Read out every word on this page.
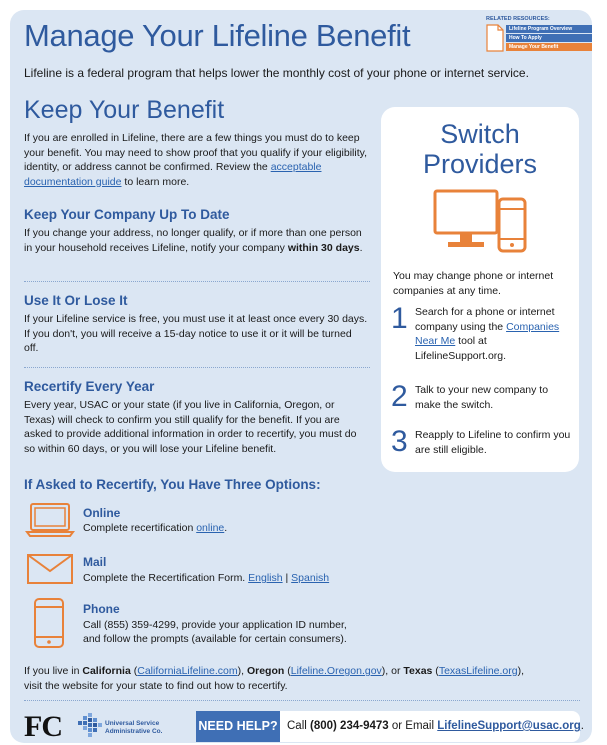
Manage Your Lifeline Benefit	RELATED RESOURCES:
Lifeline Program Overview
How To Apply
Manage Your Benefit
Lifeline is a federal program that helps lower the monthly cost of your phone or internet service.
Keep Your Benefit
If you are enrolled in Lifeline, there are a few things you must do to keep your benefit. You may need to show proof that you qualify if your eligibility, identity, or address cannot be confirmed. Review the acceptable documentation guide to learn more.
Keep Your Company Up To Date
If you change your address, no longer qualify, or if more than one person in your household receives Lifeline, notify your company within 30 days.
Use It Or Lose It
If your Lifeline service is free, you must use it at least once every 30 days. If you don't, you will receive a 15-day notice to use it or it will be turned off.
Recertify Every Year
Every year, USAC or your state (if you live in California, Oregon, or Texas) will check to confirm you still qualify for the benefit. If you are asked to provide additional information in order to recertify, you must do so within 60 days, or you will lose your Lifeline benefit.
Switch
Providers
You may change phone or internet companies at any time.
1 Search for a phone or internet company using the Companies Near Me tool at LifelineSupport.org.
2 Talk to your new company to make the switch.
3 Reapply to Lifeline to confirm you are still eligible.
If Asked to Recertify, You Have Three Options:
Online
Complete recertification online.
Mail
Complete the Recertification Form. English | Spanish
Phone
Call (855) 359-4299, provide your application ID number,
and follow the prompts (available for certain consumers).
If you live in California (CaliforniaLifeline.com), Oregon (Lifeline.Oregon.gov), or Texas (TexasLifeline.org),
visit the website for your state to find out how to recertify.
FC	Universal Service
Administrative Co.	NEED HELP? Call (800) 234-9473 or Email LifelineSupport@usac.org.
